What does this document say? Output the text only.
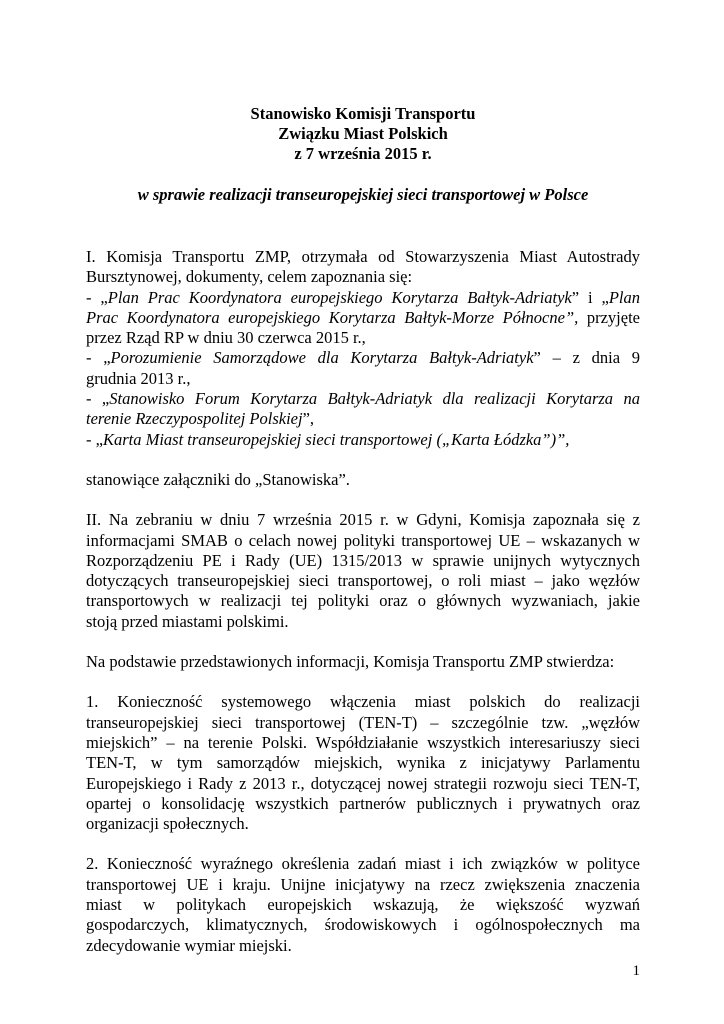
Stanowisko Komisji Transportu
Związku Miast Polskich
z 7 września 2015 r.
w sprawie realizacji transeuropejskiej sieci transportowej w Polsce

I. Komisja Transportu ZMP, otrzymała od Stowarzyszenia Miast Autostrady
Bursztynowej, dokumenty, celem zapoznania się:
- „Plan Prac Koordynatora europejskiego Korytarza Bałtyk-Adriatyk” i „Plan
Prac Koordynatora europejskiego Korytarza Bałtyk-Morze Północne”, przyjęte
przez Rząd RP w dniu 30 czerwca 2015 r.,
- „Porozumienie Samorządowe dla Korytarza Bałtyk-Adriatyk” – z dnia 9
grudnia 2013 r.,
- „Stanowisko Forum Korytarza Bałtyk-Adriatyk dla realizacji Korytarza na
terenie Rzeczypospolitej Polskiej”,
- „Karta Miast transeuropejskiej sieci transportowej („Karta Łódzka”)”,

stanowiące załączniki do „Stanowiska”.

II. Na zebraniu w dniu 7 września 2015 r. w Gdyni, Komisja zapoznała się z
informacjami SMAB o celach nowej polityki transportowej UE – wskazanych w
Rozporządzeniu PE i Rady (UE) 1315/2013 w sprawie unijnych wytycznych
dotyczących transeuropejskiej sieci transportowej, o roli miast – jako węzłów
transportowych w realizacji tej polityki oraz o głównych wyzwaniach, jakie
stoją przed miastami polskimi.

Na podstawie przedstawionych informacji, Komisja Transportu ZMP stwierdza:

1. Konieczność systemowego włączenia miast polskich do realizacji
transeuropejskiej sieci transportowej (TEN-T) – szczególnie tzw. „węzłów
miejskich” – na terenie Polski. Współdziałanie wszystkich interesariuszy sieci
TEN-T, w tym samorządów miejskich, wynika z inicjatywy Parlamentu
Europejskiego i Rady z 2013 r., dotyczącej nowej strategii rozwoju sieci TEN-T,
opartej o konsolidację wszystkich partnerów publicznych i prywatnych oraz
organizacji społecznych.

2. Konieczność wyraźnego określenia zadań miast i ich związków w polityce
transportowej UE i kraju. Unijne inicjatywy na rzecz zwiększenia znaczenia
miast w politykach europejskich wskazują, że większość wyzwań
gospodarczych, klimatycznych, środowiskowych i ogólnospołecznych ma
zdecydowanie wymiar miejski.

1
